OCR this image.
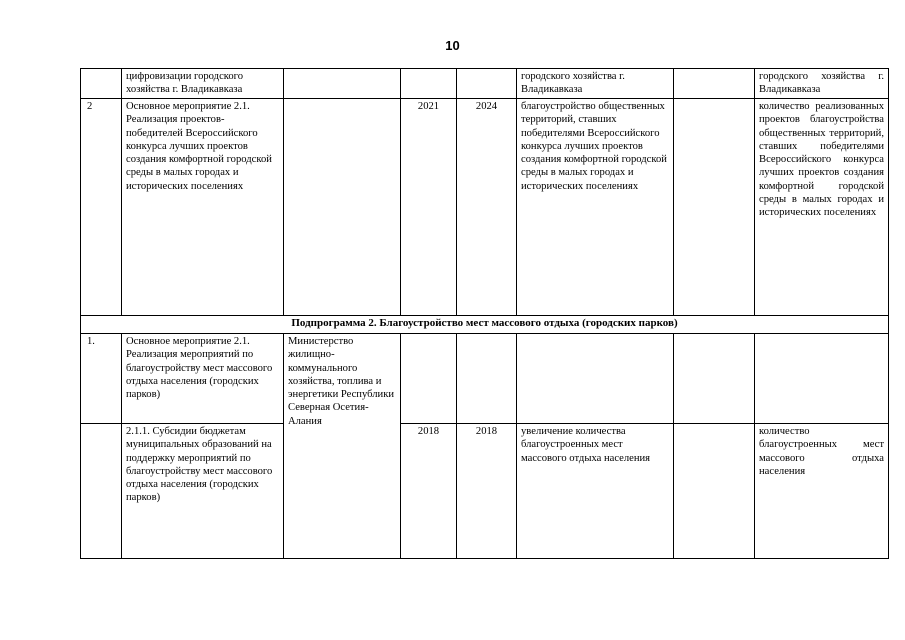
10
	цифровизации городского хозяйства г. Владикавказа				городского хозяйства г. Владикавказа		городского хозяйства г. Владикавказа
2	Основное мероприятие 2.1. Реализация проектов-победителей Всероссийского конкурса лучших проектов создания комфортной городской среды в малых городах и исторических поселениях		2021	2024	благоустройство общественных территорий, ставших победителями Всероссийского конкурса лучших проектов создания комфортной городской среды в малых городах и исторических поселениях		количество реализованных проектов благоустройства общественных территорий, ставших победителями Всероссийского конкурса лучших проектов создания комфортной городской среды в малых городах и исторических поселениях
Подпрограмма 2. Благоустройство мест массового отдыха (городских парков)							
1.	Основное мероприятие 2.1. Реализация мероприятий по благоустройству мест массового отдыха населения (городских парков)	Министерство жилищно-коммунального хозяйства, топлива и энергетики Республики Северная Осетия-Алания					
	2.1.1. Субсидии бюджетам муниципальных образований на поддержку мероприятий по благоустройству мест массового отдыха населения (городских парков)		2018	2018	увеличение количества благоустроенных мест массового отдыха населения		количество благоустроенных мест массового отдыха населения
